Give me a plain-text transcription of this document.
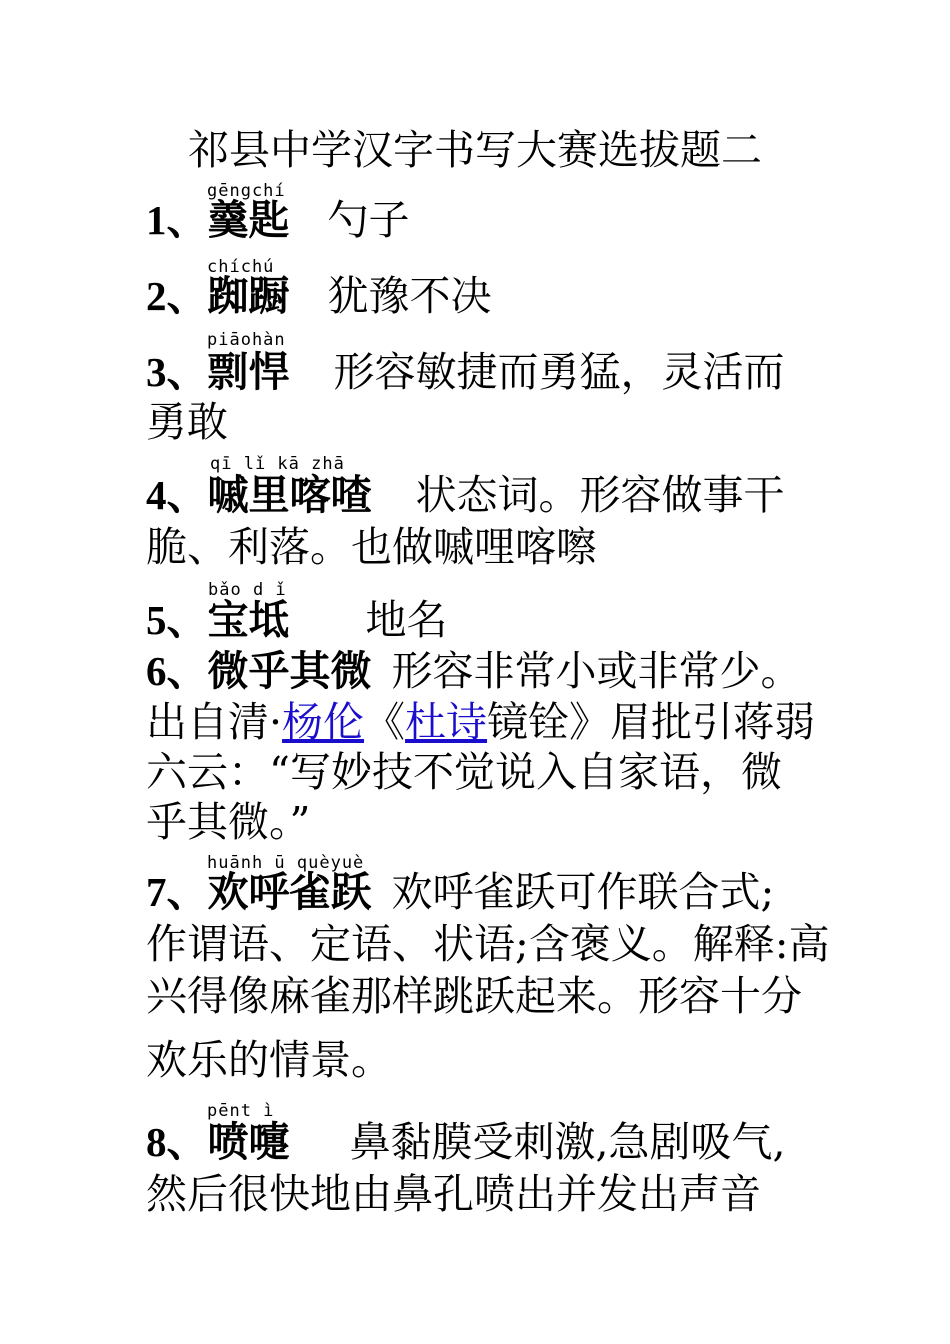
祁县中学汉字书写大赛选拔题二
gēngchí
1、羹匙 勺子
chíchú
2、踟蹰 犹豫不决
piāohàn
3、剽悍 形容敏捷而勇猛，灵活而
勇敢
qī lǐ kā zhā
4、嘁里喀喳 状态词。形容做事干
脆、利落。也做嘁哩喀嚓
bǎo d ǐ
5、宝坻 地名
6、微乎其微 形容非常小或非常少。
出自清·杨伦《杜诗镜铨》眉批引蒋弱
六云：“写妙技不觉说入自家语，微
乎其微。”
huānh ū quèyuè
7、欢呼雀跃 欢呼雀跃可作联合式;
作谓语、定语、状语;含褒义。解释:高
兴得像麻雀那样跳跃起来。形容十分
欢乐的情景。
pēnt ì
8、喷嚏 鼻黏膜受刺激,急剧吸气,
然后很快地由鼻孔喷出并发出声音
